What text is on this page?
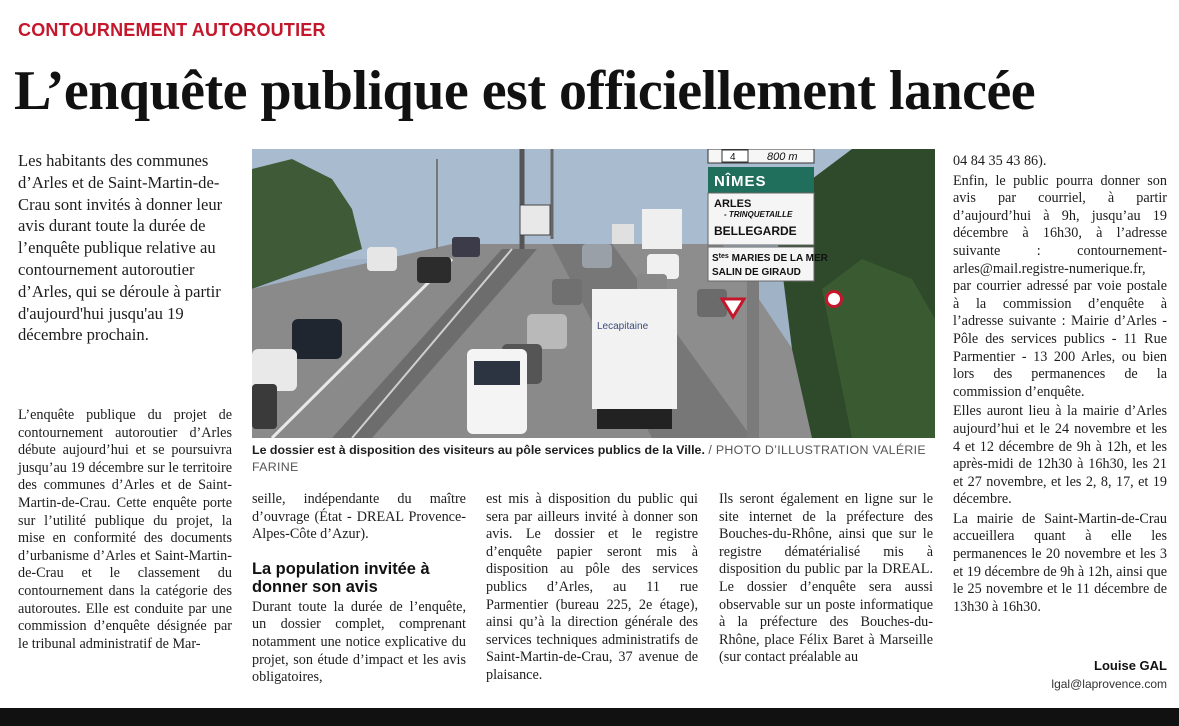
CONTOURNEMENT AUTOROUTIER
L’enquête publique est officiellement lancée
Les habitants des communes d’Arles et de Saint-Martin-de-Crau sont invités à donner leur avis durant toute la durée de l’enquête publique relative au contournement autoroutier d’Arles, qui se déroule à partir d'aujourd'hui jusqu'au 19 décembre prochain.

L’enquête publique du projet de contournement autoroutier d’Arles débute aujourd’hui et se poursuivra jusqu’au 19 décembre sur le territoire des communes d’Arles et de Saint-Martin-de-Crau. Cette enquête porte sur l’utilité publique du projet, la mise en conformité des documents d’urbanisme d’Arles et Saint-Martin-de-Crau et le classement du contournement dans la catégorie des autoroutes. Elle est conduite par une commission d’enquête désignée par le tribunal administratif de Mar-

Lecapitaine
4	800 m
NÎMES
ARLES
- TRINQUETAILLE
BELLEGARDE
$S^{tes}$ MARIES DE LA MER
SALIN DE GIRAUD
Le dossier est à disposition des visiteurs au pôle services publics de la Ville. / PHOTO D’ILLUSTRATION VALÉRIE FARINE

seille, indépendante du maître d’ouvrage (État - DREAL Provence-Alpes-Côte d’Azur).

La population invitée à donner son avis

Durant toute la durée de l’enquête, un dossier complet, comprenant notamment une notice explicative du projet, son étude d’impact et les avis obligatoires,

est mis à disposition du public qui sera par ailleurs invité à donner son avis. Le dossier et le registre d’enquête papier seront mis à disposition au pôle des services publics d’Arles, au 11 rue Parmentier (bureau 225, 2e étage), ainsi qu’à la direction générale des services techniques administratifs de Saint-Martin-de-Crau, 37 avenue de plaisance.

Ils seront également en ligne sur le site internet de la préfecture des Bouches-du-Rhône, ainsi que sur le registre dématérialisé mis à disposition du public par la DREAL. Le dossier d’enquête sera aussi observable sur un poste informatique à la préfecture des Bouches-du-Rhône, place Félix Baret à Marseille (sur contact préalable au

04 84 35 43 86).

Enfin, le public pourra donner son avis par courriel, à partir d’aujourd’hui à 9h, jusqu’au 19 décembre à 16h30, à l’adresse suivante : contournement-arles@mail.registre-numerique.fr, par courrier adressé par voie postale à la commission d’enquête à l’adresse suivante : Mairie d’Arles - Pôle des services publics - 11 Rue Parmentier - 13 200 Arles, ou bien lors des permanences de la commission d’enquête.

Elles auront lieu à la mairie d’Arles aujourd’hui et le 24 novembre et les 4 et 12 décembre de 9h à 12h, et les après-midi de 12h30 à 16h30, les 21 et 27 novembre, et les 2, 8, 17, et 19 décembre.

La mairie de Saint-Martin-de-Crau accueillera quant à elle les permanences le 20 novembre et les 3 et 19 décembre de 9h à 12h, ainsi que le 25 novembre et le 11 décembre de 13h30 à 16h30.

Louise GAL
lgal@laprovence.com
